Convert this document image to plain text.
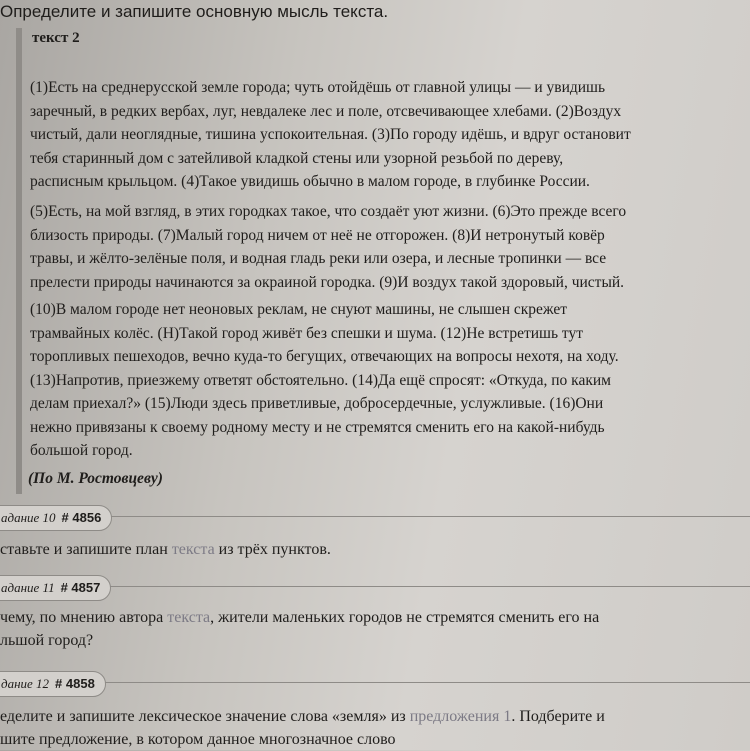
Определите и запишите основную мысль текста.
текст 2
(1)Есть на среднерусской земле города; чуть отойдёшь от главной улицы — и увидишь
заречный, в редких вербах, луг, невдалеке лес и поле, отсвечивающее хлебами. (2)Воздух
чистый, дали неоглядные, тишина успокоительная. (3)По городу идёшь, и вдруг остановит
тебя старинный дом с затейливой кладкой стены или узорной резьбой по дереву,
расписным крыльцом. (4)Такое увидишь обычно в малом городе, в глубинке России.
(5)Есть, на мой взгляд, в этих городках такое, что создаёт уют жизни. (6)Это прежде всего
близость природы. (7)Малый город ничем от неё не отгорожен. (8)И нетронутый ковёр
травы, и жёлто-зелёные поля, и водная гладь реки или озера, и лесные тропинки — все
прелести природы начинаются за окраиной городка. (9)И воздух такой здоровый, чистый.
(10)В малом городе нет неоновых реклам, не снуют машины, не слышен скрежет
трамвайных колёс. (Н)Такой город живёт без спешки и шума. (12)Не встретишь тут
торопливых пешеходов, вечно куда-то бегущих, отвечающих на вопросы нехотя, на ходу.
(13)Напротив, приезжему ответят обстоятельно. (14)Да ещё спросят: «Откуда, по каким
делам приехал?» (15)Люди здесь приветливые, добросердечные, услужливые. (16)Они
нежно привязаны к своему родному месту и не стремятся сменить его на какой-нибудь
большой город.
(По М. Ростовцеву)
адание 10 # 4856
ставьте и запишите план текста из трёх пунктов.
адание 11 # 4857
чему, по мнению автора текста, жители маленьких городов не стремятся сменить его на
льшой город?
дание 12 # 4858
еделите и запишите лексическое значение слова «земля» из предложения 1. Подберите и
шите предложение, в котором данное многозначное слово
